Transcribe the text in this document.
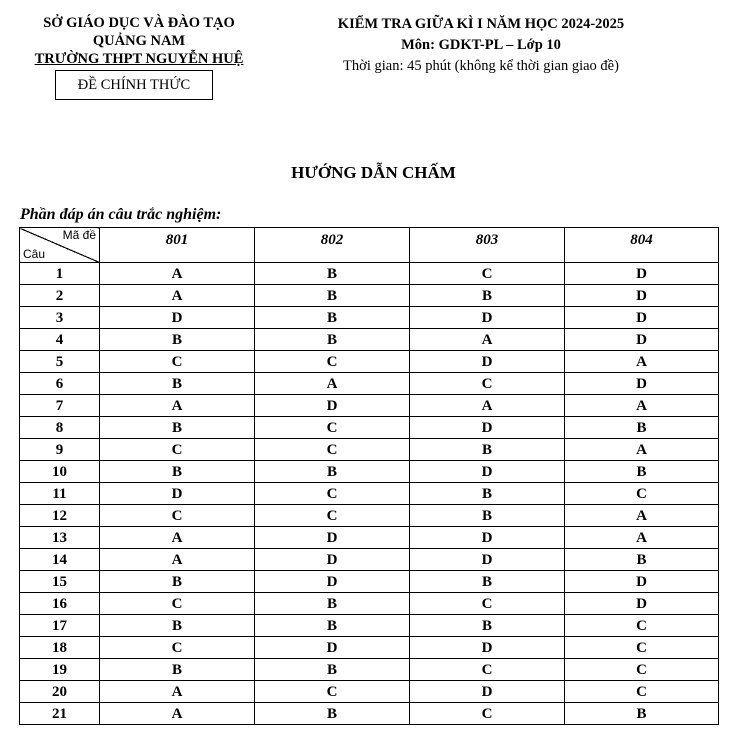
SỞ GIÁO DỤC VÀ ĐÀO TẠO
QUẢNG NAM
TRƯỜNG THPT NGUYỄN HUỆ
ĐỀ CHÍNH THỨC
KIỂM TRA GIỮA KÌ I NĂM HỌC 2024-2025
Môn: GDKT-PL – Lớp 10
Thời gian: 45 phút (không kể thời gian giao đề)
HƯỚNG DẪN CHẤM
Phần đáp án câu trắc nghiệm:
Mã đề
Câu	801	802	803	804
1	A	B	C	D
2	A	B	B	D
3	D	B	D	D
4	B	B	A	D
5	C	C	D	A
6	B	A	C	D
7	A	D	A	A
8	B	C	D	B
9	C	C	B	A
10	B	B	D	B
11	D	C	B	C
12	C	C	B	A
13	A	D	D	A
14	A	D	D	B
15	B	D	B	D
16	C	B	C	D
17	B	B	B	C
18	C	D	D	C
19	B	B	C	C
20	A	C	D	C
21	A	B	C	B
